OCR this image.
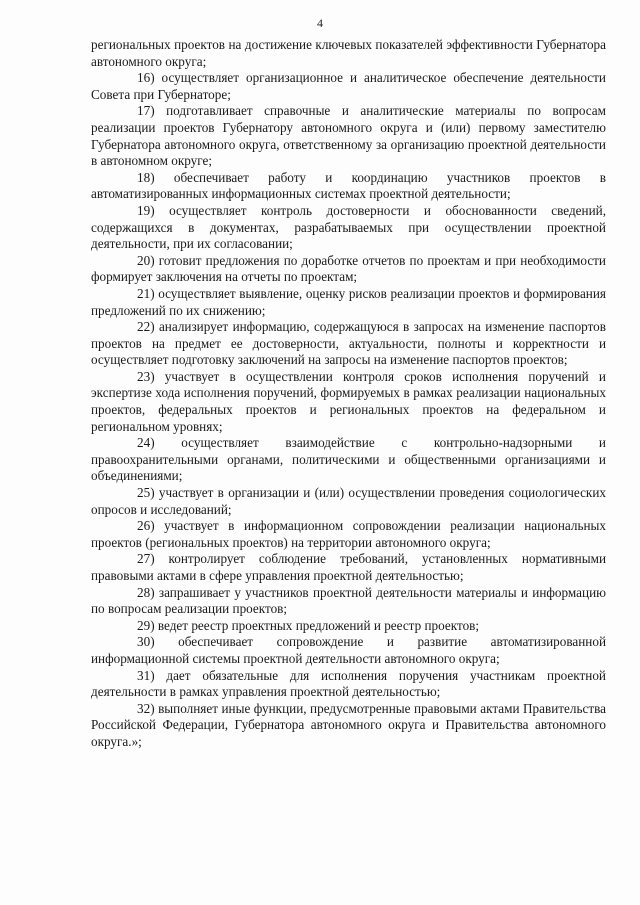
4

региональных проектов на достижение ключевых показателей эффективности Губернатора автономного округа;

16) осуществляет организационное и аналитическое обеспечение деятельности Совета при Губернаторе;

17) подготавливает справочные и аналитические материалы по вопросам реализации проектов Губернатору автономного округа и (или) первому заместителю Губернатора автономного округа, ответственному за организацию проектной деятельности в автономном округе;

18) обеспечивает работу и координацию участников проектов в автоматизированных информационных системах проектной деятельности;

19) осуществляет контроль достоверности и обоснованности сведений, содержащихся в документах, разрабатываемых при осуществлении проектной деятельности, при их согласовании;

20) готовит предложения по доработке отчетов по проектам и при необходимости формирует заключения на отчеты по проектам;

21) осуществляет выявление, оценку рисков реализации проектов и формирования предложений по их снижению;

22) анализирует информацию, содержащуюся в запросах на изменение паспортов проектов на предмет ее достоверности, актуальности, полноты и корректности и осуществляет подготовку заключений на запросы на изменение паспортов проектов;

23) участвует в осуществлении контроля сроков исполнения поручений и экспертизе хода исполнения поручений, формируемых в рамках реализации национальных проектов, федеральных проектов и региональных проектов на федеральном и региональном уровнях;

24) осуществляет взаимодействие с контрольно-надзорными и правоохранительными органами, политическими и общественными организациями и объединениями;

25) участвует в организации и (или) осуществлении проведения социологических опросов и исследований;

26) участвует в информационном сопровождении реализации национальных проектов (региональных проектов) на территории автономного округа;

27) контролирует соблюдение требований, установленных нормативными правовыми актами в сфере управления проектной деятельностью;

28) запрашивает у участников проектной деятельности материалы и информацию по вопросам реализации проектов;

29) ведет реестр проектных предложений и реестр проектов;

30) обеспечивает сопровождение и развитие автоматизированной информационной системы проектной деятельности автономного округа;

31) дает обязательные для исполнения поручения участникам проектной деятельности в рамках управления проектной деятельностью;

32) выполняет иные функции, предусмотренные правовыми актами Правительства Российской Федерации, Губернатора автономного округа и Правительства автономного округа.»;
